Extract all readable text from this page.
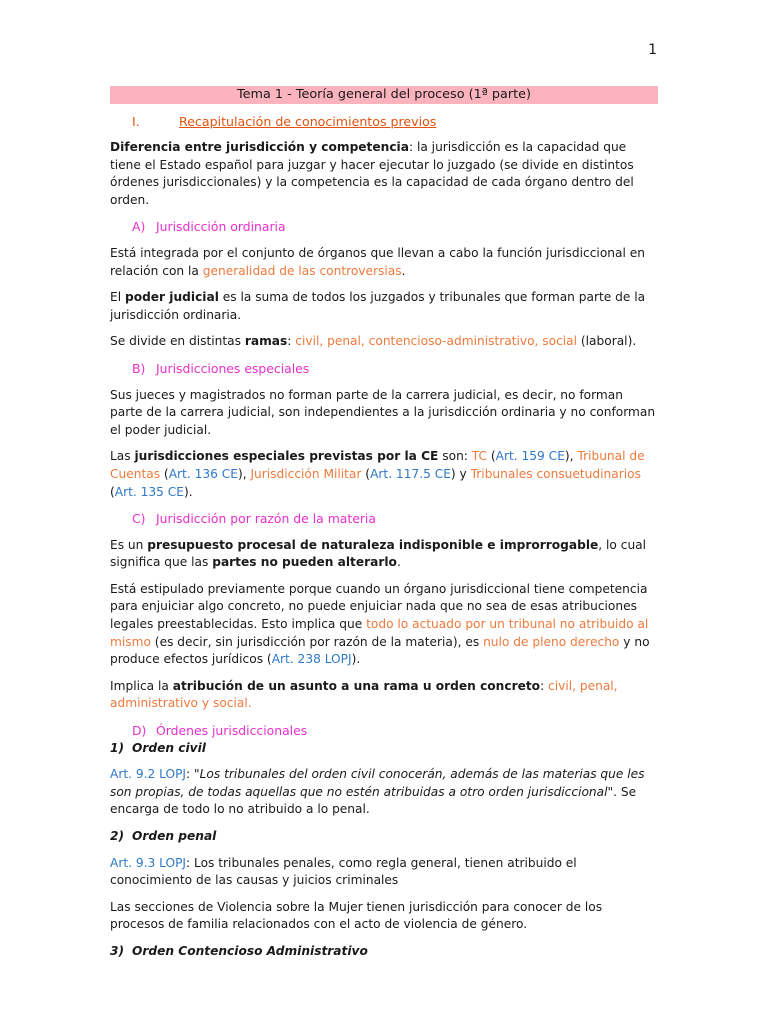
1
Tema 1 - Teoría general del proceso (1ª parte)
I.	Recapitulación de conocimientos previos

Diferencia entre jurisdicción y competencia: la jurisdicción es la capacidad que tiene el Estado español para juzgar y hacer ejecutar lo juzgado (se divide en distintos órdenes jurisdiccionales) y la competencia es la capacidad de cada órgano dentro del orden.

A) Jurisdicción ordinaria

Está integrada por el conjunto de órganos que llevan a cabo la función jurisdiccional en relación con la generalidad de las controversias.

El poder judicial es la suma de todos los juzgados y tribunales que forman parte de la jurisdicción ordinaria.

Se divide en distintas ramas: civil, penal, contencioso-administrativo, social (laboral).

B) Jurisdicciones especiales

Sus jueces y magistrados no forman parte de la carrera judicial, es decir, no forman parte de la carrera judicial, son independientes a la jurisdicción ordinaria y no conforman el poder judicial.

Las jurisdicciones especiales previstas por la CE son: TC (Art. 159 CE), Tribunal de Cuentas (Art. 136 CE), Jurisdicción Militar (Art. 117.5 CE) y Tribunales consuetudinarios (Art. 135 CE).

C) Jurisdicción por razón de la materia

Es un presupuesto procesal de naturaleza indisponible e improrrogable, lo cual significa que las partes no pueden alterarlo.

Está estipulado previamente porque cuando un órgano jurisdiccional tiene competencia para enjuiciar algo concreto, no puede enjuiciar nada que no sea de esas atribuciones legales preestablecidas. Esto implica que todo lo actuado por un tribunal no atribuido al mismo (es decir, sin jurisdicción por razón de la materia), es nulo de pleno derecho y no produce efectos jurídicos (Art. 238 LOPJ).

Implica la atribución de un asunto a una rama u orden concreto: civil, penal, administrativo y social.

D) Órdenes jurisdiccionales
1) Orden civil

Art. 9.2 LOPJ: "Los tribunales del orden civil conocerán, además de las materias que les son propias, de todas aquellas que no estén atribuidas a otro orden jurisdiccional". Se encarga de todo lo no atribuido a lo penal.

2) Orden penal

Art. 9.3 LOPJ: Los tribunales penales, como regla general, tienen atribuido el conocimiento de las causas y juicios criminales

Las secciones de Violencia sobre la Mujer tienen jurisdicción para conocer de los procesos de familia relacionados con el acto de violencia de género.

3) Orden Contencioso Administrativo
